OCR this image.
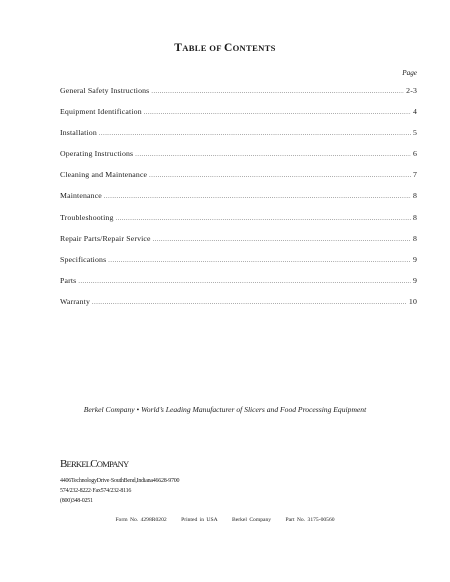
TABLE OF CONTENTS
Page
General Safety Instructions .....	2-3
Equipment Identification .....	4
Installation .....	5
Operating Instructions .....	6
Cleaning and Maintenance .....	7
Maintenance .....	8
Troubleshooting .....	8
Repair Parts/Repair Service .....	8
Specifications .....	9
Parts .....	9
Warranty .....	10
Berkel Company • World’s Leading Manufacturer of Slicers and Food Processing Equipment
BERKELCOMPANY
4406TechnologyDrive·SouthBend,Indiana46628-9700
574/232-8222·Fax574/232-8116
(800)348-0251
Form No. 4298R0202	Printed in USA	Berkel Company	Part No. 3175-00560
